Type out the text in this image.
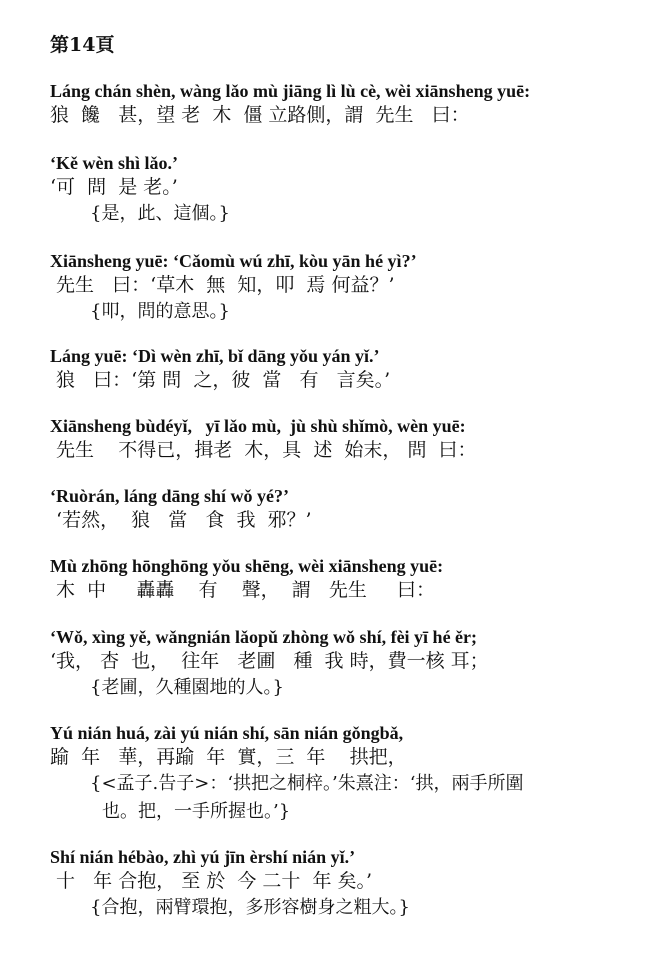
第14頁
Láng chán shèn, wàng lǎo mù jiāng lì lù cè, wèi xiānsheng yuē:
狼  饞   甚，望 老  木  僵 立路側，謂  先生   曰：
‘Kě wèn shì lǎo.’
‘可  問  是 老。’
{是，此、這個。}
Xiānsheng yuē: ‘Cǎomù wú zhī, kòu yān hé yì?’
先生   曰：‘草木  無  知，叩  焉 何益？’
{叩，問的意思。}
Láng yuē: ‘Dì wèn zhī, bǐ dāng yǒu yán yǐ.’
狼   曰：‘第 問  之，彼  當   有   言矣。’
Xiānsheng bùdéyǐ,   yī lǎo mù,  jù shù shǐmò, wèn yuē:
先生    不得已，揖老  木，具  述  始末， 問  曰：
‘Ruòrán, láng dāng shí wǒ yé?’
‘若然，  狼   當   食  我  邪？’
Mù zhōng hōnghōng yǒu shēng, wèi xiānsheng yuē:
木  中     轟轟    有    聲，  謂   先生     曰：
‘Wǒ, xìng yě, wǎngnián lǎopǔ zhòng wǒ shí, fèi yī hé ěr;
‘我， 杏  也，  往年   老圃   種  我 時，費一核 耳；
{老圃，久種園地的人。}
Yú nián huá, zài yú nián shí, sān nián gǒngbǎ,
踰  年   華，再踰  年  實，三  年    拱把，
{<孟子.告子>：‘拱把之桐梓。’朱熹注：‘拱，兩手所圍
也。把，一手所握也。’}
Shí nián hébào, zhì yú jīn èrshí nián yǐ.’
十   年 合抱， 至 於  今 二十  年 矣。’
{合抱，兩臂環抱，多形容樹身之粗大。}
